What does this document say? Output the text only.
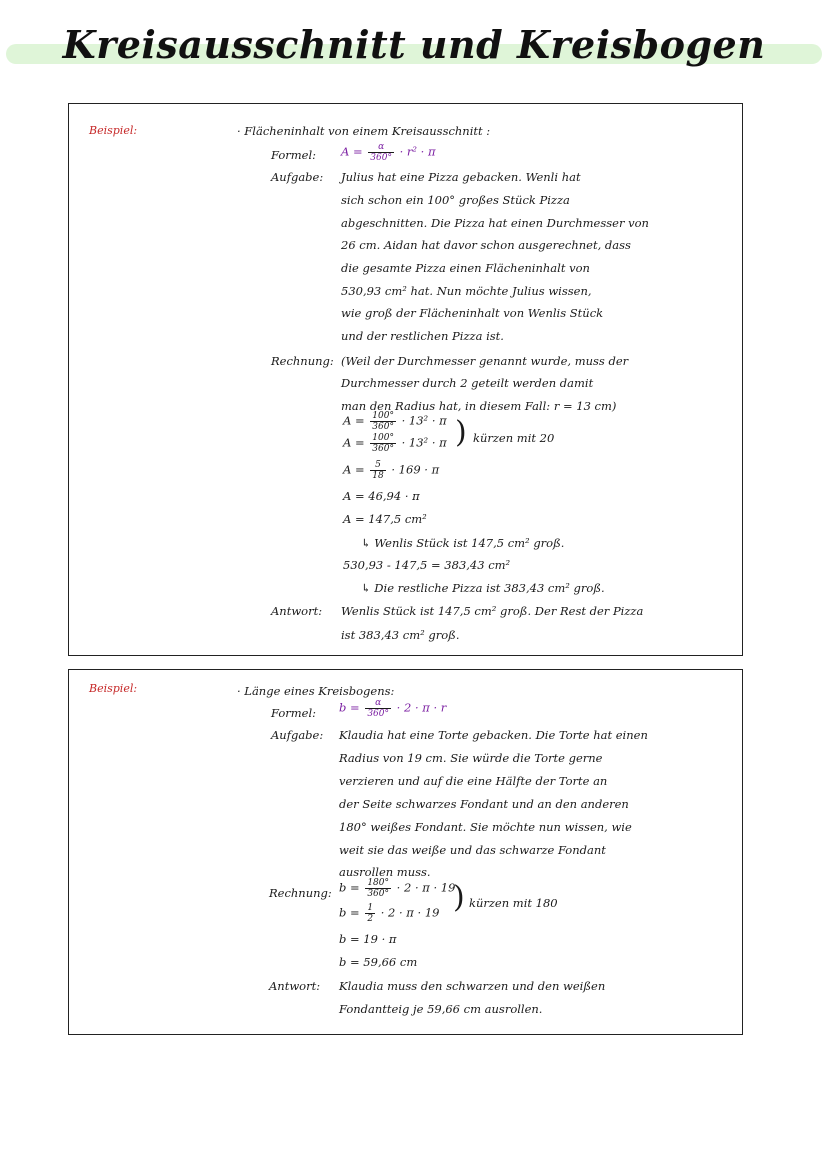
Kreisausschnitt und Kreisbogen
Beispiel:	· Flächeninhalt von einem Kreisausschnitt :
Formel: $A = \frac{\alpha}{360^\circ} \cdot r^2 \cdot \pi$
Aufgabe: Julius hat eine Pizza gebacken. Wenli hat
sich schon ein 100° großes Stück Pizza
abgeschnitten. Die Pizza hat einen Durchmesser von
26 cm. Aidan hat davor schon ausgerechnet, dass
die gesamte Pizza einen Flächeninhalt von
530,93 cm² hat. Nun möchte Julius wissen,
wie groß der Flächeninhalt von Wenlis Stück
und der restlichen Pizza ist.
Rechnung: (Weil der Durchmesser genannt wurde, muss der
Durchmesser durch 2 geteilt werden damit
man den Radius hat, in diesem Fall: r = 13 cm)
$A = \frac{100^\circ}{360^\circ} \cdot 13^2 \cdot \pi$
$A = \frac{100^\circ}{360^\circ} \cdot 13^2 \cdot \pi$ ) kürzen mit 20
$A = \frac{5}{18} \cdot 169 \cdot \pi$
A = 46,94 · π
A = 147,5 cm²
↳ Wenlis Stück ist 147,5 cm² groß.
530,93 - 147,5 = 383,43 cm²
↳ Die restliche Pizza ist 383,43 cm² groß.
Antwort: Wenlis Stück ist 147,5 cm² groß. Der Rest der Pizza
ist 383,43 cm² groß.
Beispiel:	· Länge eines Kreisbogens:
Formel: $b = \frac{\alpha}{360^\circ} \cdot 2 \cdot \pi \cdot r$
Aufgabe: Klaudia hat eine Torte gebacken. Die Torte hat einen
Radius von 19 cm. Sie würde die Torte gerne
verzieren und auf die eine Hälfte der Torte an
der Seite schwarzes Fondant und an den anderen
180° weißes Fondant. Sie möchte nun wissen, wie
weit sie das weiße und das schwarze Fondant
ausrollen muss.
Rechnung: $b = \frac{180^\circ}{360^\circ} \cdot 2 \cdot \pi \cdot 19$
$b = \frac{1}{2} \cdot 2 \cdot \pi \cdot 19$ ) kürzen mit 180
b = 19 · π
b = 59,66 cm
Antwort: Klaudia muss den schwarzen und den weißen
Fondantteig je 59,66 cm ausrollen.
